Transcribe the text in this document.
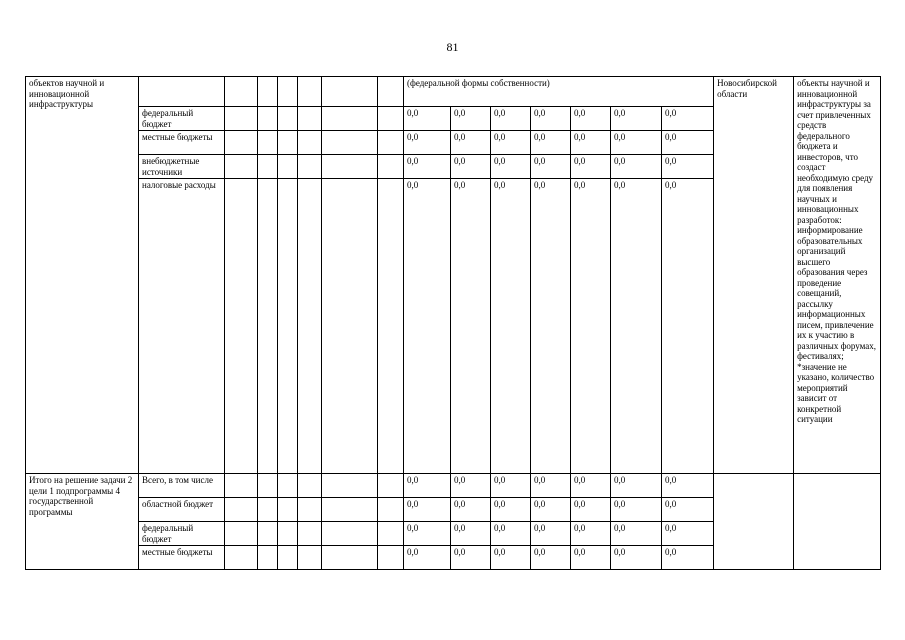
81
объектов научной и инновационной инфраструктуры								(федеральной формы собственности)							Новосибирской области	объекты научной и инновационной инфраструктуры за счет привлеченных средств федерального бюджета и инвесторов, что создаст необходимую среду для появления научных и инновационных разработок: информирование образовательных организаций высшего образования через проведение совещаний, рассылку информационных писем, привлечение их к участию в различных форумах, фестивалях; *значение не указано, количество мероприятий зависит от конкретной ситуации
	федеральный бюджет							0,0	0,0	0,0	0,0	0,0	0,0	0,0		
	местные бюджеты							0,0	0,0	0,0	0,0	0,0	0,0	0,0		
	внебюджетные источники							0,0	0,0	0,0	0,0	0,0	0,0	0,0		
	налоговые расходы							0,0	0,0	0,0	0,0	0,0	0,0	0,0		
Итого на решение задачи 2 цели 1 подпрограммы 4 государственной программы	Всего, в том числе							0,0	0,0	0,0	0,0	0,0	0,0	0,0		
	областной бюджет							0,0	0,0	0,0	0,0	0,0	0,0	0,0		
	федеральный бюджет							0,0	0,0	0,0	0,0	0,0	0,0	0,0		
	местные бюджеты							0,0	0,0	0,0	0,0	0,0	0,0	0,0		
